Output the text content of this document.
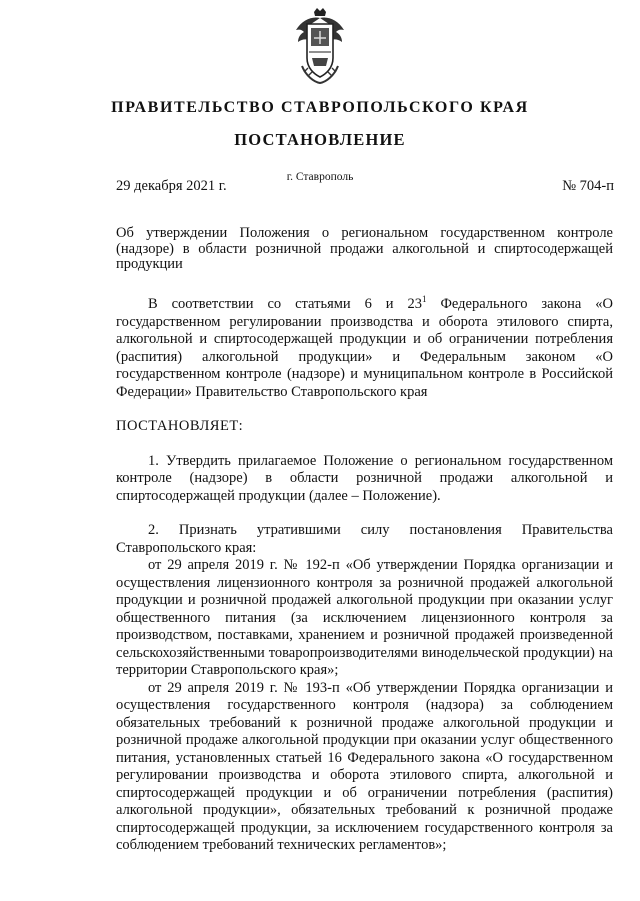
ПРАВИТЕЛЬСТВО СТАВРОПОЛЬСКОГО КРАЯ
ПОСТАНОВЛЕНИЕ
29 декабря 2021 г.
г. Ставрополь
№ 704-п

Об утверждении Положения о региональном государственном контроле (надзоре) в области розничной продажи алкогольной и спиртосодержащей продукции

В соответствии со статьями 6 и $23^1$ Федерального закона «О государственном регулировании производства и оборота этилового спирта, алкогольной и спиртосодержащей продукции и об ограничении потребления (распития) алкогольной продукции» и Федеральным законом «О государственном контроле (надзоре) и муниципальном контроле в Российской Федерации» Правительство Ставропольского края

ПОСТАНОВЛЯЕТ:

1. Утвердить прилагаемое Положение о региональном государственном контроле (надзоре) в области розничной продажи алкогольной и спиртосодержащей продукции (далее – Положение).

2. Признать утратившими силу постановления Правительства Ставропольского края:

от 29 апреля 2019 г. № 192-п «Об утверждении Порядка организации и осуществления лицензионного контроля за розничной продажей алкогольной продукции и розничной продажей алкогольной продукции при оказании услуг общественного питания (за исключением лицензионного контроля за производством, поставками, хранением и розничной продажей произведенной сельскохозяйственными товаропроизводителями винодельческой продукции) на территории Ставропольского края»;

от 29 апреля 2019 г. № 193-п «Об утверждении Порядка организации и осуществления государственного контроля (надзора) за соблюдением обязательных требований к розничной продаже алкогольной продукции и розничной продаже алкогольной продукции при оказании услуг общественного питания, установленных статьей 16 Федерального закона «О государственном регулировании производства и оборота этилового спирта, алкогольной и спиртосодержащей продукции и об ограничении потребления (распития) алкогольной продукции», обязательных требований к розничной продаже спиртосодержащей продукции, за исключением государственного контроля за соблюдением требований технических регламентов»;
